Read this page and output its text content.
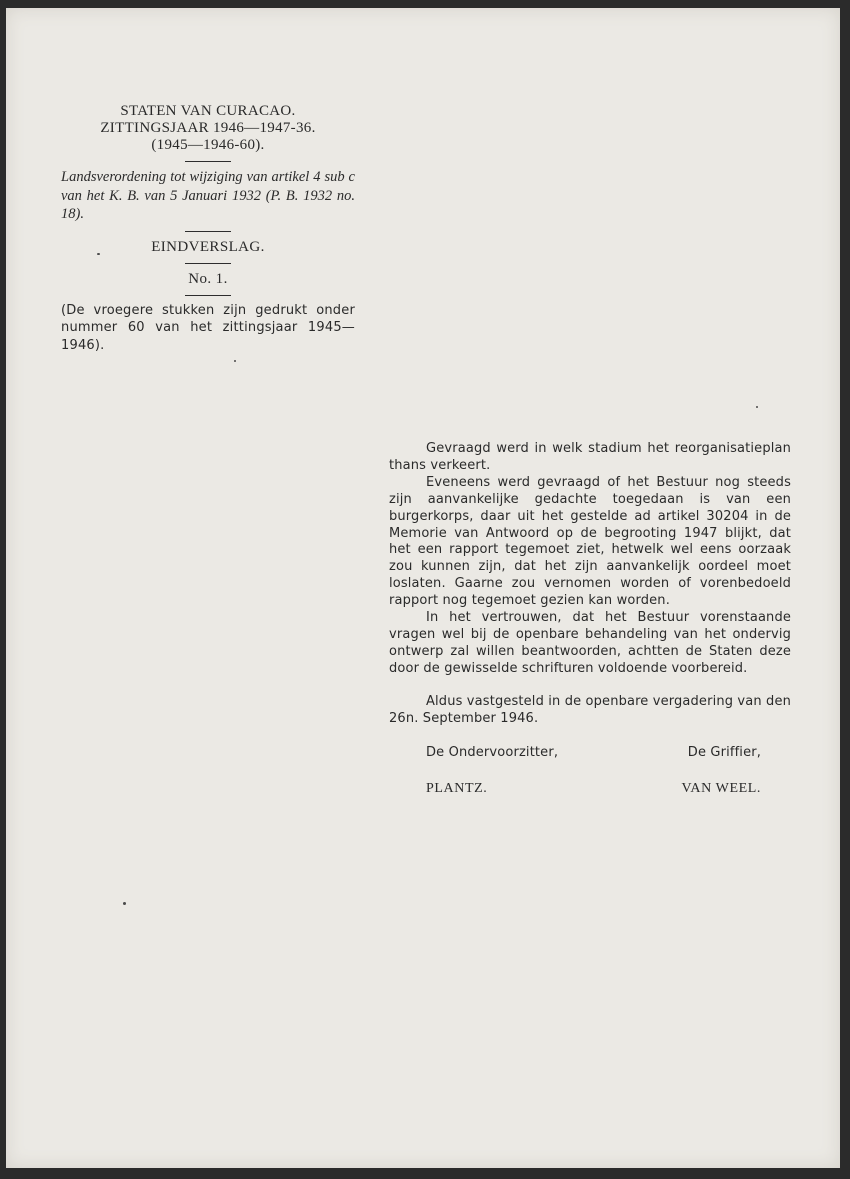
STATEN VAN CURACAO.
ZITTINGSJAAR 1946—1947-36.
(1945—1946-60).
Landsverordening tot wijziging van artikel 4 sub c van het K. B. van 5 Januari 1932 (P. B. 1932 no. 18).
EINDVERSLAG.
No. 1.
(De vroegere stukken zijn gedrukt onder nummer 60 van het zittingsjaar 1945—1946).

Gevraagd werd in welk stadium het reorganisatieplan thans verkeert.

Eveneens werd gevraagd of het Bestuur nog steeds zijn aanvankelijke gedachte toegedaan is van een burgerkorps, daar uit het gestelde ad artikel 30204 in de Memorie van Antwoord op de begrooting 1947 blijkt, dat het een rapport tegemoet ziet, hetwelk wel eens oorzaak zou kunnen zijn, dat het zijn aanvankelijk oordeel moet loslaten. Gaarne zou vernomen worden of vorenbedoeld rapport nog tegemoet gezien kan worden.

In het vertrouwen, dat het Bestuur vorenstaande vragen wel bij de openbare behandeling van het ondervig ontwerp zal willen beantwoorden, achtten de Staten deze door de gewisselde schrifturen voldoende voorbereid.

Aldus vastgesteld in de openbare vergadering van den 26n. September 1946.

De Ondervoorzitter,	De Griffier,
PLANTZ.	VAN WEEL.
